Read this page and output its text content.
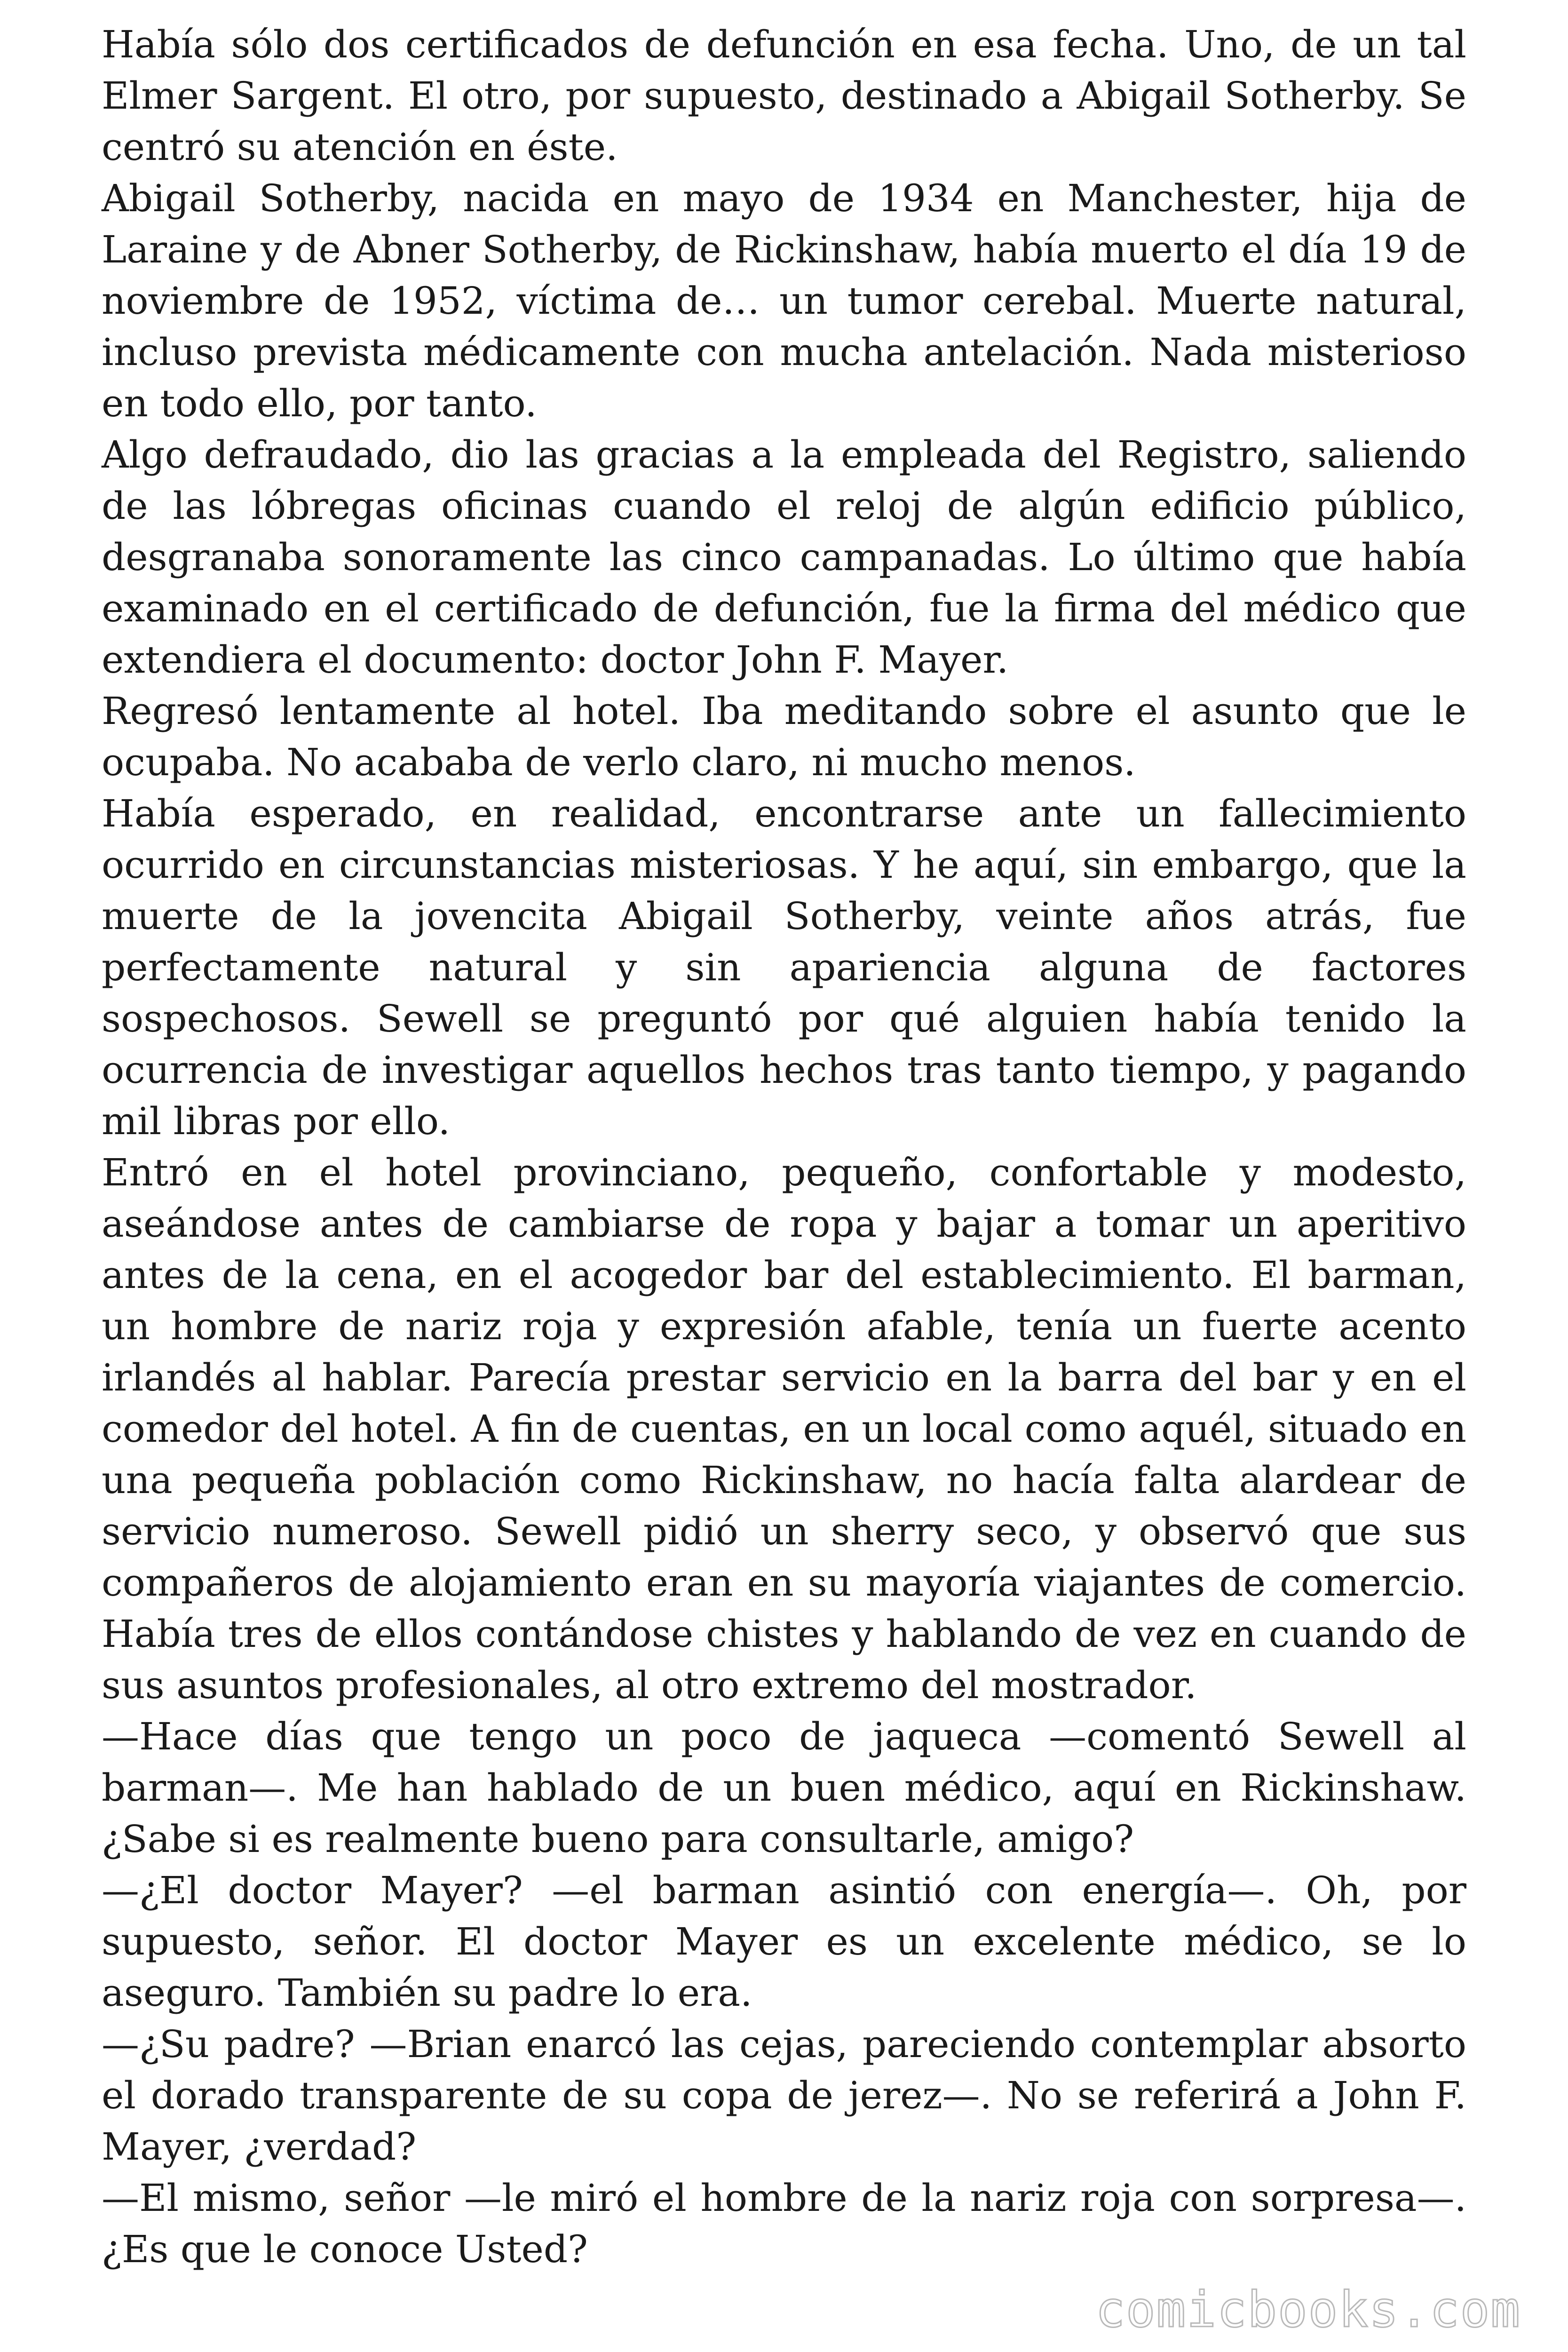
Había sólo dos certificados de defunción en esa fecha. Uno, de un tal Elmer Sargent. El otro, por supuesto, destinado a Abigail Sotherby. Se centró su atención en éste.

Abigail Sotherby, nacida en mayo de 1934 en Manchester, hija de Laraine y de Abner Sotherby, de Rickinshaw, había muerto el día 19 de noviembre de 1952, víctima de… un tumor cerebal. Muerte natural, incluso prevista médicamente con mucha antelación. Nada misterioso en todo ello, por tanto.

Algo defraudado, dio las gracias a la empleada del Registro, saliendo de las lóbregas oficinas cuando el reloj de algún edificio público, desgranaba sonoramente las cinco campanadas. Lo último que había examinado en el certificado de defunción, fue la firma del médico que extendiera el documento: doctor John F. Mayer.

Regresó lentamente al hotel. Iba meditando sobre el asunto que le ocupaba. No acababa de verlo claro, ni mucho menos.

Había esperado, en realidad, encontrarse ante un fallecimiento ocurrido en circunstancias misteriosas. Y he aquí, sin embargo, que la muerte de la jovencita Abigail Sotherby, veinte años atrás, fue perfectamente natural y sin apariencia alguna de factores sospechosos. Sewell se preguntó por qué alguien había tenido la ocurrencia de investigar aquellos hechos tras tanto tiempo, y pagando mil libras por ello.

Entró en el hotel provinciano, pequeño, confortable y modesto, aseándose antes de cambiarse de ropa y bajar a tomar un aperitivo antes de la cena, en el acogedor bar del establecimiento. El barman, un hombre de nariz roja y expresión afable, tenía un fuerte acento irlandés al hablar. Parecía prestar servicio en la barra del bar y en el comedor del hotel. A fin de cuentas, en un local como aquél, situado en una pequeña población como Rickinshaw, no hacía falta alardear de servicio numeroso. Sewell pidió un sherry seco, y observó que sus compañeros de alojamiento eran en su mayoría viajantes de comercio. Había tres de ellos contándose chistes y hablando de vez en cuando de sus asuntos profesionales, al otro extremo del mostrador.

—Hace días que tengo un poco de jaqueca —comentó Sewell al barman—. Me han hablado de un buen médico, aquí en Rickinshaw. ¿Sabe si es realmente bueno para consultarle, amigo?

—¿El doctor Mayer? —el barman asintió con energía—. Oh, por supuesto, señor. El doctor Mayer es un excelente médico, se lo aseguro. También su padre lo era.

—¿Su padre? —Brian enarcó las cejas, pareciendo contemplar absorto el dorado transparente de su copa de jerez—. No se referirá a John F. Mayer, ¿verdad?

—El mismo, señor —le miró el hombre de la nariz roja con sorpresa—. ¿Es que le conoce Usted?

comicbooks.com
